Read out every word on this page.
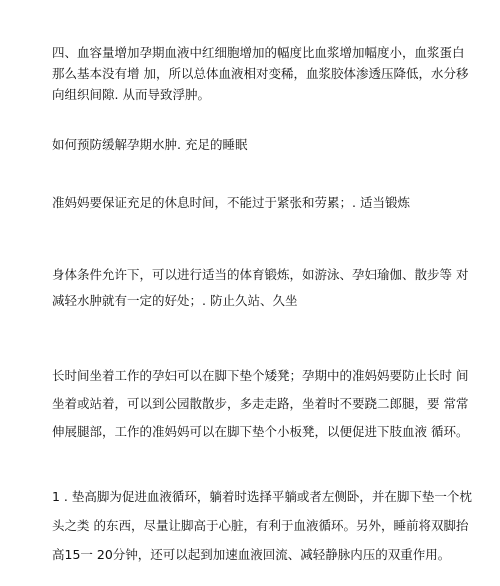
四、血容量增加孕期血液中红细胞增加的幅度比血浆增加幅度小，血浆蛋白
那么基本没有增 加，所以总体血液相对变稀，血浆胶体渗透压降低，水分移
向组织间隙. 从而导致浮肿。

如何预防缓解孕期水肿. 充足的睡眠

准妈妈要保证充足的休息时间，不能过于紧张和劳累；. 适当锻炼

身体条件允许下，可以进行适当的体育锻炼，如游泳、孕妇瑜伽、散步等 对
减轻水肿就有一定的好处；. 防止久站、久坐

长时间坐着工作的孕妇可以在脚下垫个矮凳；孕期中的准妈妈要防止长时 间
坐着或站着，可以到公园散散步，多走走路，坐着时不要跷二郎腿，要 常常
伸展腿部，工作的准妈妈可以在脚下垫个小板凳，以便促进下肢血液 循环。

1 . 垫高脚为促进血液循环，躺着时选择平躺或者左侧卧，并在脚下垫一个枕
头之类 的东西，尽量让脚高于心脏，有利于血液循环。另外，睡前将双脚抬
高15一 20分钟，还可以起到加速血液回流、减轻静脉内压的双重作用。
